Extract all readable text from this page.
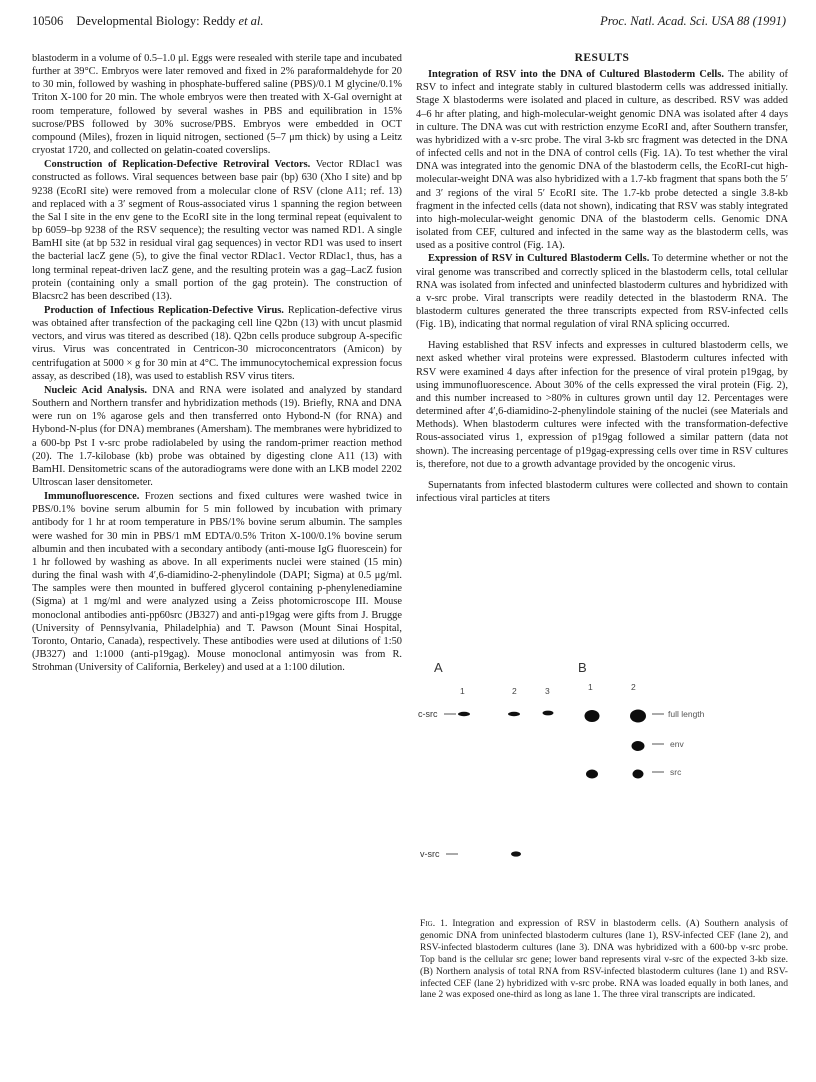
10506 Developmental Biology: Reddy et al.	Proc. Natl. Acad. Sci. USA 88 (1991)

blastoderm in a volume of 0.5–1.0 μl. Eggs were resealed with sterile tape and incubated further at 39°C. Embryos were later removed and fixed in 2% paraformaldehyde for 20 to 30 min, followed by washing in phosphate-buffered saline (PBS)/0.1 M glycine/0.1% Triton X-100 for 20 min. The whole embryos were then treated with X-Gal overnight at room temperature, followed by several washes in PBS and equilibration in 15% sucrose/PBS followed by 30% sucrose/PBS. Embryos were embedded in OCT compound (Miles), frozen in liquid nitrogen, sectioned (5–7 μm thick) by using a Leitz cryostat 1720, and collected on gelatin-coated coverslips.

Construction of Replication-Defective Retroviral Vectors. Vector RDlac1 was constructed as follows. Viral sequences between base pair (bp) 630 (Xho I site) and bp 9238 (EcoRI site) were removed from a molecular clone of RSV (clone A11; ref. 13) and replaced with a 3′ segment of Rous-associated virus 1 spanning the region between the Sal I site in the env gene to the EcoRI site in the long terminal repeat (equivalent to bp 6059–bp 9238 of the RSV sequence); the resulting vector was named RD1. A single BamHI site (at bp 532 in residual viral gag sequences) in vector RD1 was used to insert the bacterial lacZ gene (5), to give the final vector RDlac1. Vector RDlac1, thus, has a long terminal repeat-driven lacZ gene, and the resulting protein was a gag–LacZ fusion protein (containing only a small portion of the gag protein). The construction of Blacsrc2 has been described (13).

Production of Infectious Replication-Defective Virus. Replication-defective virus was obtained after transfection of the packaging cell line Q2bn (13) with uncut plasmid vectors, and virus was titered as described (18). Q2bn cells produce subgroup A-specific virus. Virus was concentrated in Centricon-30 microconcentrators (Amicon) by centrifugation at 5000 × g for 30 min at 4°C. The immunocytochemical expression focus assay, as described (18), was used to establish RSV virus titers.

Nucleic Acid Analysis. DNA and RNA were isolated and analyzed by standard Southern and Northern transfer and hybridization methods (19). Briefly, RNA and DNA were run on 1% agarose gels and then transferred onto Hybond-N (for RNA) and Hybond-N-plus (for DNA) membranes (Amersham). The membranes were hybridized to a 600-bp Pst I v-src probe radiolabeled by using the random-primer reaction method (20). The 1.7-kilobase (kb) probe was obtained by digesting clone A11 (13) with BamHI. Densitometric scans of the autoradiograms were done with an LKB model 2202 Ultroscan laser densitometer.

Immunofluorescence. Frozen sections and fixed cultures were washed twice in PBS/0.1% bovine serum albumin for 5 min followed by incubation with primary antibody for 1 hr at room temperature in PBS/1% bovine serum albumin. The samples were washed for 30 min in PBS/1 mM EDTA/0.5% Triton X-100/0.1% bovine serum albumin and then incubated with a secondary antibody (anti-mouse IgG fluorescein) for 1 hr followed by washing as above. In all experiments nuclei were stained (15 min) during the final wash with 4′,6-diamidino-2-phenylindole (DAPI; Sigma) at 0.5 μg/ml. The samples were then mounted in buffered glycerol containing p-phenylenediamine (Sigma) at 1 mg/ml and were analyzed using a Zeiss photomicroscope III. Mouse monoclonal antibodies anti-pp60src (JB327) and anti-p19gag were gifts from J. Brugge (University of Pennsylvania, Philadelphia) and T. Pawson (Mount Sinai Hospital, Toronto, Ontario, Canada), respectively. These antibodies were used at dilutions of 1:50 (JB327) and 1:1000 (anti-p19gag). Mouse monoclonal antimyosin was from R. Strohman (University of California, Berkeley) and used at a 1:100 dilution.

RESULTS

Integration of RSV into the DNA of Cultured Blastoderm Cells. The ability of RSV to infect and integrate stably in cultured blastoderm cells was addressed initially. Stage X blastoderms were isolated and placed in culture, as described. RSV was added 4–6 hr after plating, and high-molecular-weight genomic DNA was isolated after 4 days in culture. The DNA was cut with restriction enzyme EcoRI and, after Southern transfer, was hybridized with a v-src probe. The viral 3-kb src fragment was detected in the DNA of infected cells and not in the DNA of control cells (Fig. 1A). To test whether the viral DNA was integrated into the genomic DNA of the blastoderm cells, the EcoRI-cut high-molecular-weight DNA was also hybridized with a 1.7-kb fragment that spans both the 5′ and 3′ regions of the viral 5′ EcoRI site. The 1.7-kb probe detected a single 3.8-kb fragment in the infected cells (data not shown), indicating that RSV was stably integrated into high-molecular-weight genomic DNA of the blastoderm cells. Genomic DNA isolated from CEF, cultured and infected in the same way as the blastoderm cells, was used as a positive control (Fig. 1A).

Expression of RSV in Cultured Blastoderm Cells. To determine whether or not the viral genome was transcribed and correctly spliced in the blastoderm cells, total cellular RNA was isolated from infected and uninfected blastoderm cultures and hybridized with a v-src probe. Viral transcripts were readily detected in the blastoderm RNA. The blastoderm cultures generated the three transcripts expected from RSV-infected cells (Fig. 1B), indicating that normal regulation of viral RNA splicing occurred.

Having established that RSV infects and expresses in cultured blastoderm cells, we next asked whether viral proteins were expressed. Blastoderm cultures infected with RSV were examined 4 days after infection for the presence of viral protein p19gag, by using immunofluorescence. About 30% of the cells expressed the viral protein (Fig. 2), and this number increased to >80% in cultures grown until day 12. Percentages were determined after 4′,6-diamidino-2-phenylindole staining of the nuclei (see Materials and Methods). When blastoderm cultures were infected with the transformation-defective Rous-associated virus 1, expression of p19gag followed a similar pattern (data not shown). The increasing percentage of p19gag-expressing cells over time in RSV cultures is, therefore, not due to a growth advantage provided by the oncogenic virus.

Supernatants from infected blastoderm cultures were collected and shown to contain infectious viral particles at titers

A	B
1	2	3	1	2
c-src
v-src
full length
env
src

Fig. 1. Integration and expression of RSV in blastoderm cells. (A) Southern analysis of genomic DNA from uninfected blastoderm cultures (lane 1), RSV-infected CEF (lane 2), and RSV-infected blastoderm cultures (lane 3). DNA was hybridized with a 600-bp v-src probe. Top band is the cellular src gene; lower band represents viral v-src of the expected 3-kb size. (B) Northern analysis of total RNA from RSV-infected blastoderm cultures (lane 1) and RSV-infected CEF (lane 2) hybridized with v-src probe. RNA was loaded equally in both lanes, and lane 2 was exposed one-third as long as lane 1. The three viral transcripts are indicated.
